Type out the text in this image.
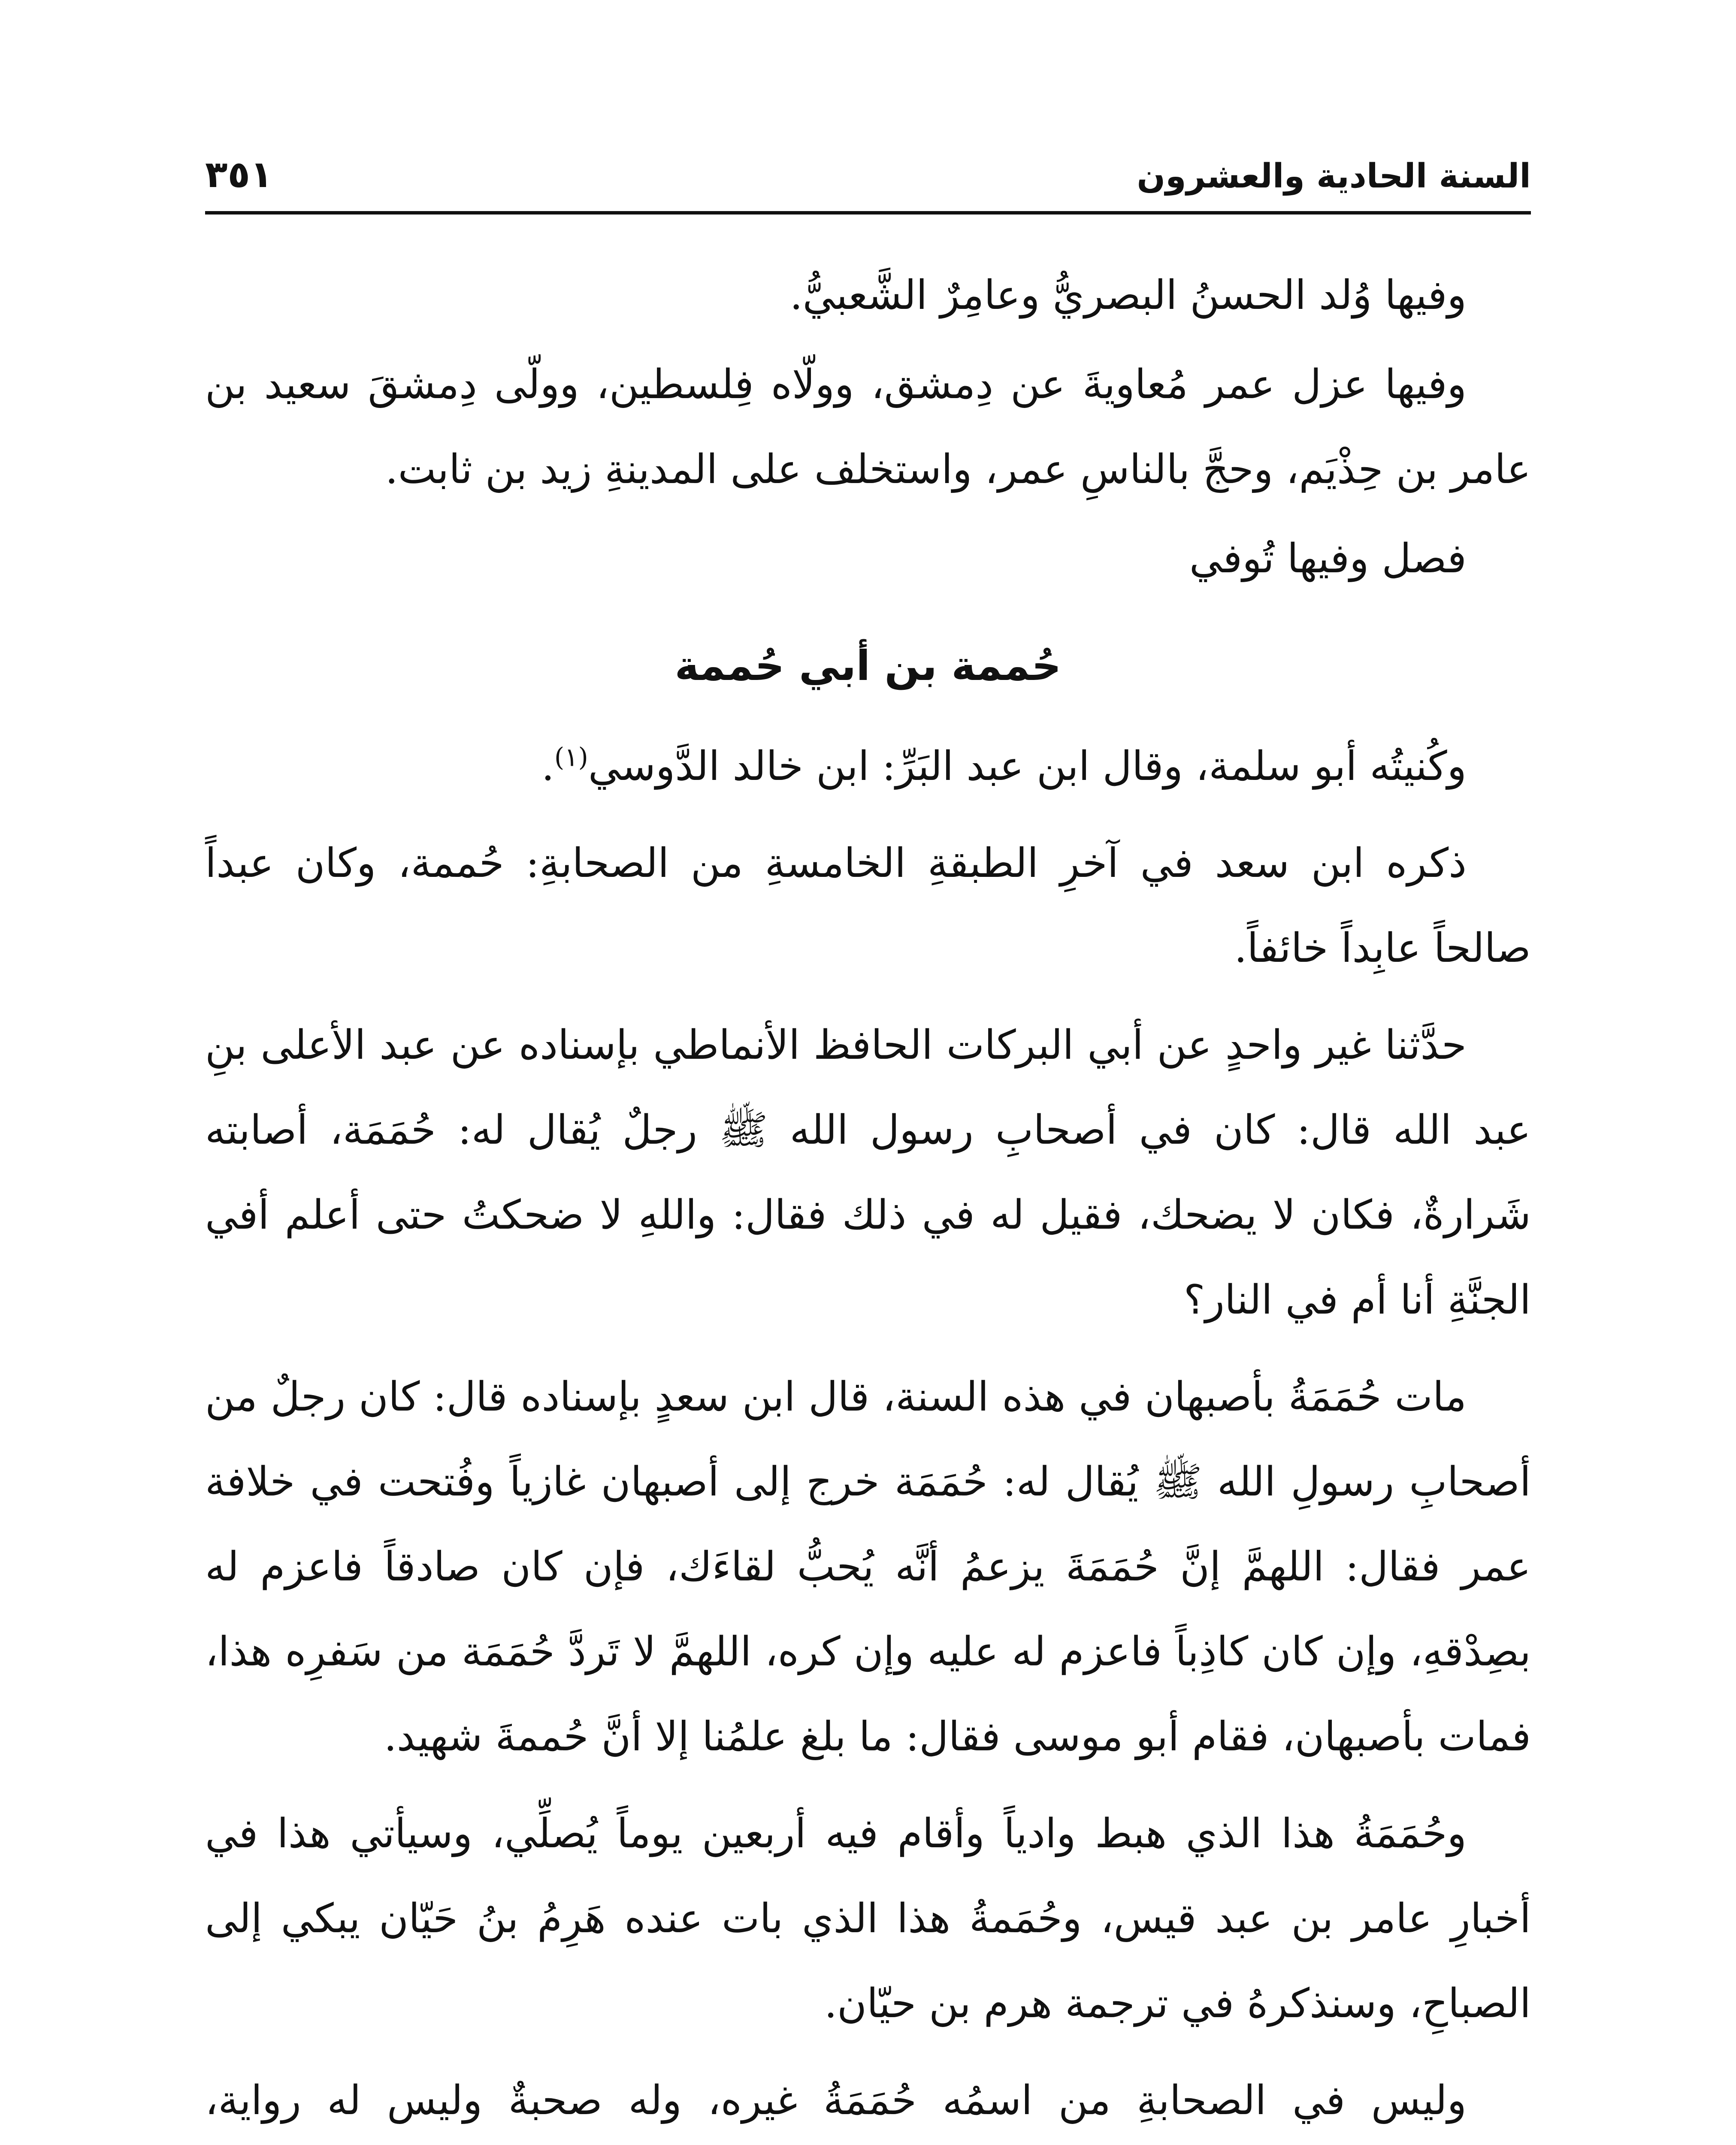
السنة الحادية والعشرون
٣٥١

وفيها وُلد الحسنُ البصريُّ وعامِرٌ الشَّعبيُّ.

وفيها عزل عمر مُعاويةَ عن دِمشق، وولّاه فِلسطين، وولّى دِمشقَ سعيد بن عامر بن حِذْيَم، وحجَّ بالناسِ عمر، واستخلف على المدينةِ زيد بن ثابت.

فصل وفيها تُوفي

حُممة بن أبي حُممة

وكُنيتُه أبو سلمة، وقال ابن عبد البَرِّ: ابن خالد الدَّوسي$^{(١)}$.

ذكره ابن سعد في آخرِ الطبقةِ الخامسةِ من الصحابةِ: حُممة، وكان عبداً صالحاً عابِداً خائفاً.

حدَّثنا غير واحدٍ عن أبي البركات الحافظ الأنماطي بإسناده عن عبد الأعلى بنِ عبد الله قال: كان في أصحابِ رسول الله ﷺ رجلٌ يُقال له: حُمَمَة، أصابته شَرارةٌ، فكان لا يضحك، فقيل له في ذلك فقال: واللهِ لا ضحكتُ حتى أعلم أفي الجنَّةِ أنا أم في النار؟

مات حُمَمَةُ بأصبهان في هذه السنة، قال ابن سعدٍ بإسناده قال: كان رجلٌ من أصحابِ رسولِ الله ﷺ يُقال له: حُمَمَة خرج إلى أصبهان غازياً وفُتحت في خلافة عمر فقال: اللهمَّ إنَّ حُمَمَةَ يزعمُ أنَّه يُحبُّ لقاءَك، فإن كان صادقاً فاعزم له بصِدْقهِ، وإن كان كاذِباً فاعزم له عليه وإن كره، اللهمَّ لا تَردَّ حُمَمَة من سَفرِه هذا، فمات بأصبهان، فقام أبو موسى فقال: ما بلغ علمُنا إلا أنَّ حُممةَ شهيد.

وحُمَمَةُ هذا الذي هبط وادياً وأقام فيه أربعين يوماً يُصلِّي، وسيأتي هذا في أخبارِ عامر بن عبد قيس، وحُمَمةُ هذا الذي بات عنده هَرِمُ بنُ حَيّان يبكي إلى الصباحِ، وسنذكرهُ في ترجمة هرم بن حيّان.

وليس في الصحابةِ من اسمُه حُمَمَةُ غيره، وله صحبةٌ وليس له رواية،
